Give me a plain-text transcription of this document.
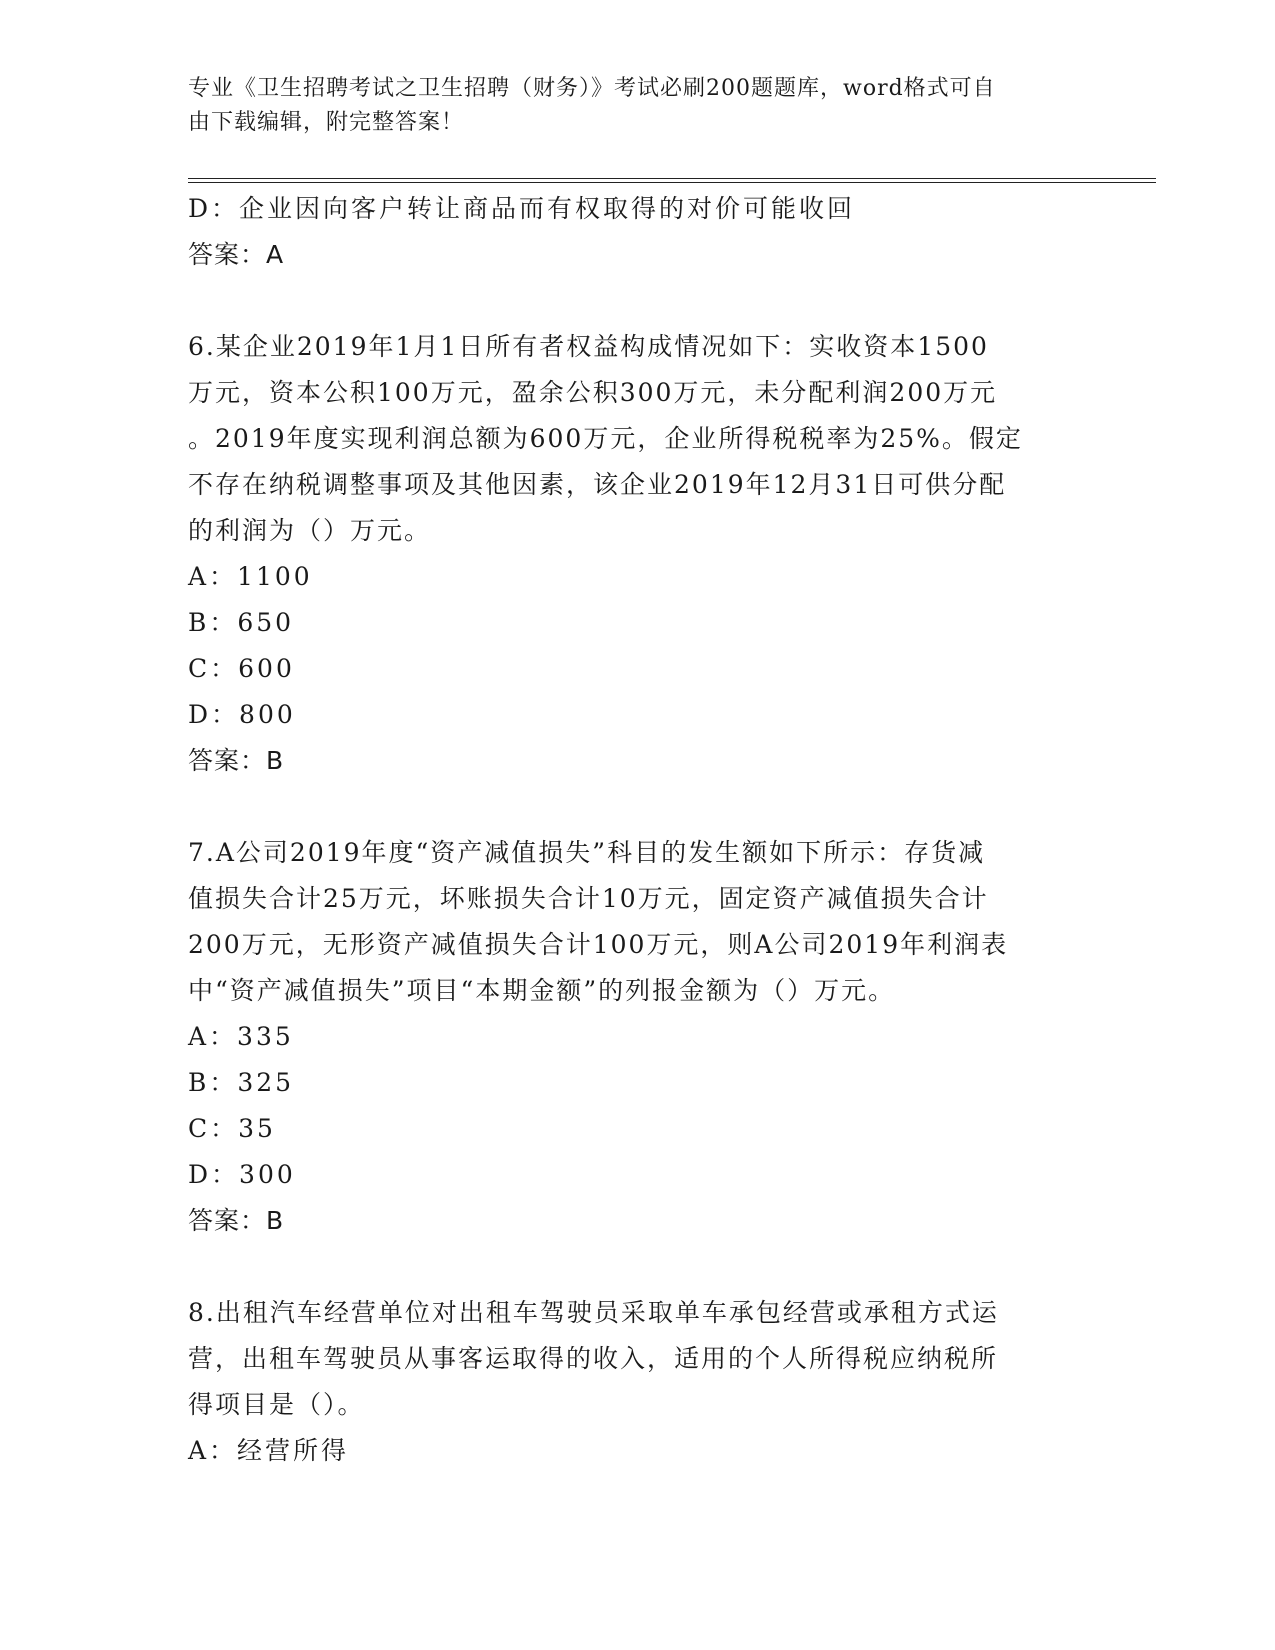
专业《卫生招聘考试之卫生招聘（财务）》考试必刷200题题库，word格式可自
由下载编辑，附完整答案！
D：企业因向客户转让商品而有权取得的对价可能收回
答案：A
6.某企业2019年1月1日所有者权益构成情况如下：实收资本1500
万元，资本公积100万元，盈余公积300万元，未分配利润200万元
。2019年度实现利润总额为600万元，企业所得税税率为25%。假定
不存在纳税调整事项及其他因素，该企业2019年12月31日可供分配
的利润为（）万元。
A：1100
B：650
C：600
D：800
答案：B
7.A公司2019年度“资产减值损失”科目的发生额如下所示：存货减
值损失合计25万元，坏账损失合计10万元，固定资产减值损失合计
200万元，无形资产减值损失合计100万元，则A公司2019年利润表
中“资产减值损失”项目“本期金额”的列报金额为（）万元。
A：335
B：325
C：35
D：300
答案：B
8.出租汽车经营单位对出租车驾驶员采取单车承包经营或承租方式运
营，出租车驾驶员从事客运取得的收入，适用的个人所得税应纳税所
得项目是（）。
A：经营所得
